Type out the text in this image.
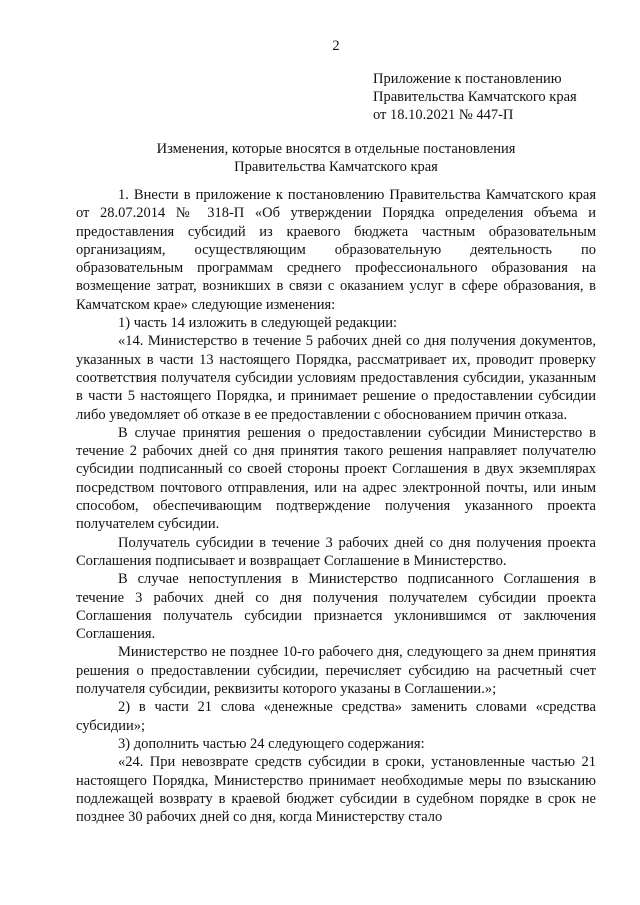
2
Приложение к постановлению
Правительства Камчатского края
от 18.10.2021 № 447-П
Изменения, которые вносятся в отдельные постановления
Правительства Камчатского края

1. Внести в приложение к постановлению Правительства Камчатского края от 28.07.2014 № 318-П «Об утверждении Порядка определения объема и предоставления субсидий из краевого бюджета частным образовательным организациям, осуществляющим образовательную деятельность по образовательным программам среднего профессионального образования на возмещение затрат, возникших в связи с оказанием услуг в сфере образования, в Камчатском крае» следующие изменения:

1) часть 14 изложить в следующей редакции:

«14. Министерство в течение 5 рабочих дней со дня получения документов, указанных в части 13 настоящего Порядка, рассматривает их, проводит проверку соответствия получателя субсидии условиям предоставления субсидии, указанным в части 5 настоящего Порядка, и принимает решение о предоставлении субсидии либо уведомляет об отказе в ее предоставлении с обоснованием причин отказа.

В случае принятия решения о предоставлении субсидии Министерство в течение 2 рабочих дней со дня принятия такого решения направляет получателю субсидии подписанный со своей стороны проект Соглашения в двух экземплярах посредством почтового отправления, или на адрес электронной почты, или иным способом, обеспечивающим подтверждение получения указанного проекта получателем субсидии.

Получатель субсидии в течение 3 рабочих дней со дня получения проекта Соглашения подписывает и возвращает Соглашение в Министерство.

В случае непоступления в Министерство подписанного Соглашения в течение 3 рабочих дней со дня получения получателем субсидии проекта Соглашения получатель субсидии признается уклонившимся от заключения Соглашения.

Министерство не позднее 10-го рабочего дня, следующего за днем принятия решения о предоставлении субсидии, перечисляет субсидию на расчетный счет получателя субсидии, реквизиты которого указаны в Соглашении.»;

2) в части 21 слова «денежные средства» заменить словами «средства субсидии»;

3) дополнить частью 24 следующего содержания:

«24. При невозврате средств субсидии в сроки, установленные частью 21 настоящего Порядка, Министерство принимает необходимые меры по взысканию подлежащей возврату в краевой бюджет субсидии в судебном порядке в срок не позднее 30 рабочих дней со дня, когда Министерству стало
